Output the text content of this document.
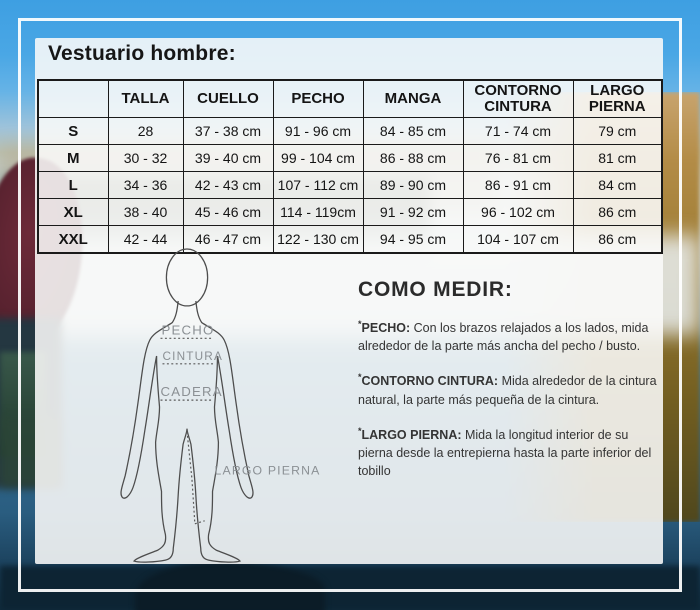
Vestuario hombre:
	TALLA	CUELLO	PECHO	MANGA	CONTORNO CINTURA	LARGO PIERNA
S	28	37 - 38 cm	91 - 96 cm	84 - 85 cm	71 - 74 cm	79 cm
M	30 - 32	39 - 40 cm	99 - 104 cm	86 - 88 cm	76 - 81 cm	81 cm
L	34 - 36	42 - 43 cm	107 - 112 cm	89 - 90 cm	86 - 91 cm	84 cm
XL	38 - 40	45 - 46 cm	114 - 119cm	91 - 92 cm	96 - 102 cm	86 cm
XXL	42 - 44	46 - 47 cm	122 - 130 cm	94 - 95 cm	104 - 107 cm	86 cm
PECHO
CINTURA
CADERA
LARGO PIERNA
COMO MEDIR:

*PECHO: Con los brazos relajados a los lados, mida alrededor de la parte más ancha del pecho / busto.

*CONTORNO CINTURA: Mida alrededor de la cintura natural, la parte más pequeña de la cintura.

*LARGO PIERNA: Mida la longitud interior de su pierna desde la entrepierna hasta la parte inferior del tobillo
